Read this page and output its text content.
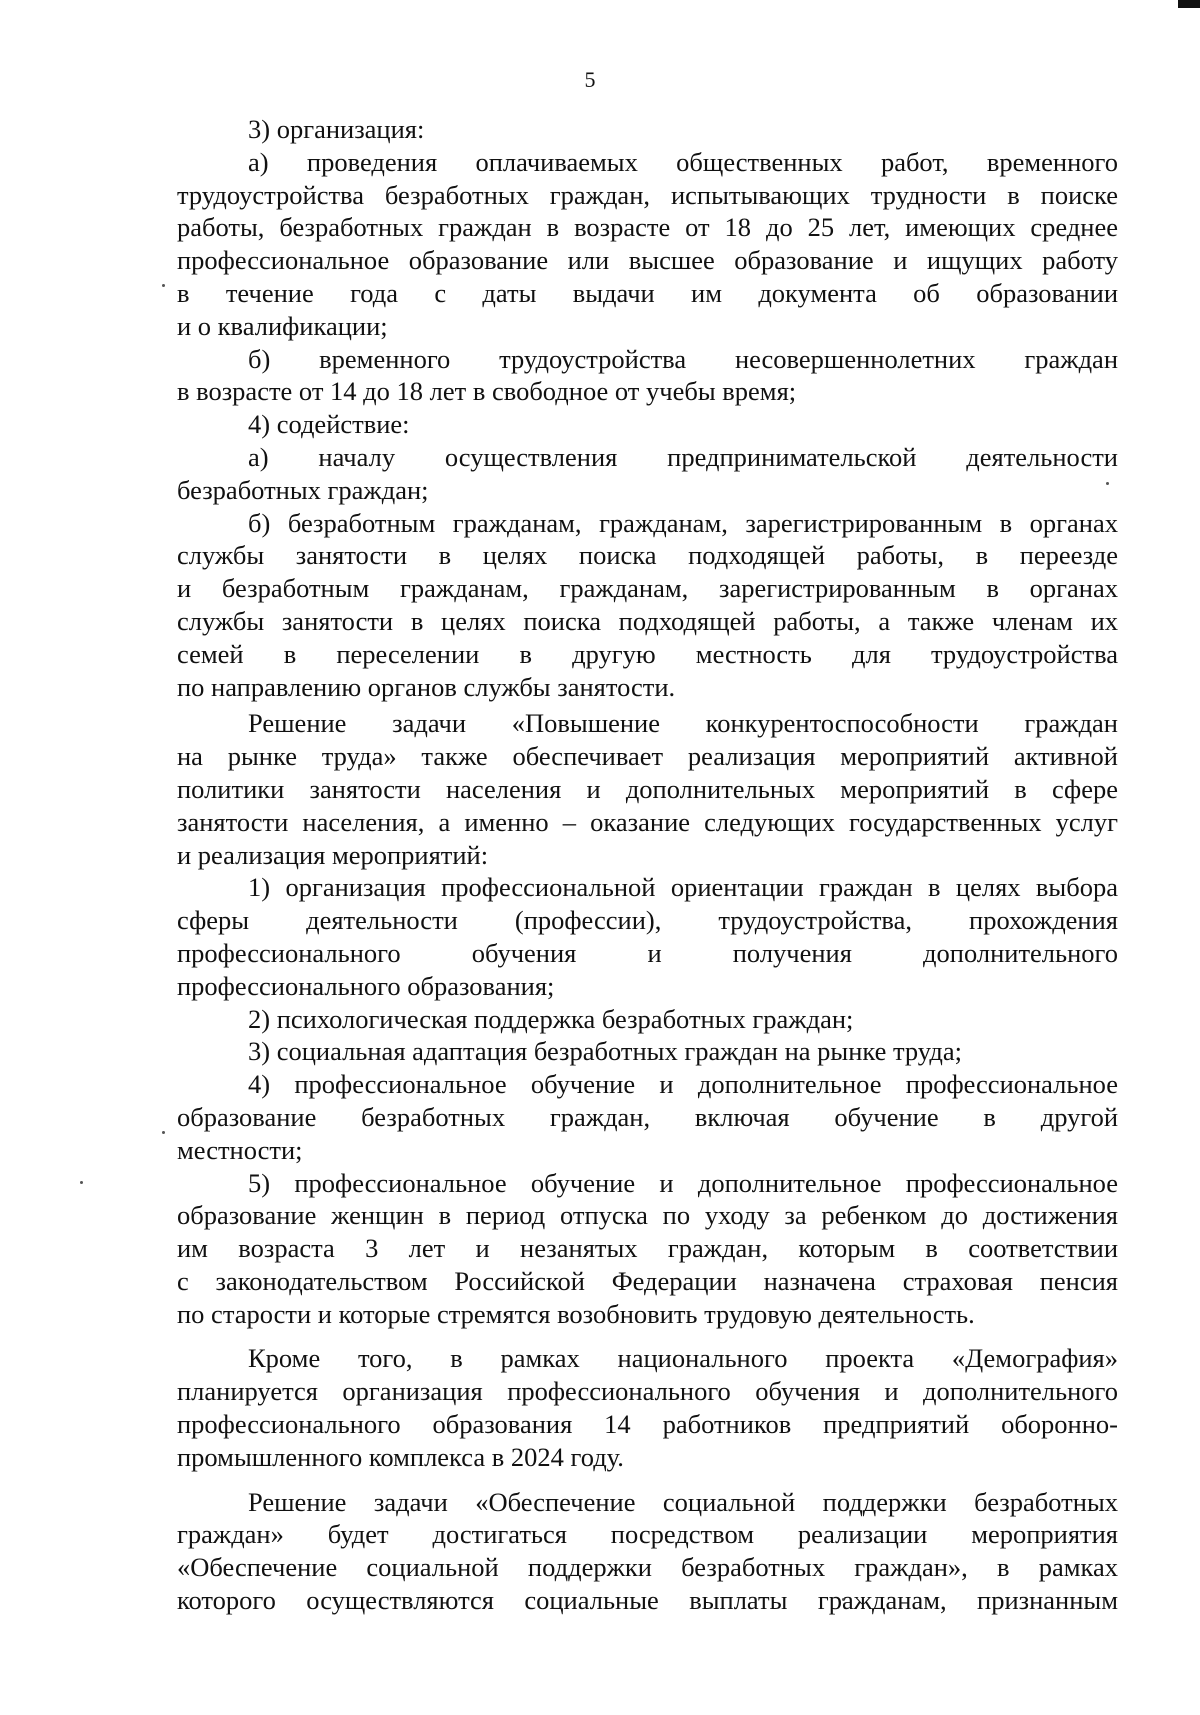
5
3) организация:
а) проведения оплачиваемых общественных работ, временного
трудоустройства безработных граждан, испытывающих трудности в поиске
работы, безработных граждан в возрасте от 18 до 25 лет, имеющих среднее
профессиональное образование или высшее образование и ищущих работу
в течение года с даты выдачи им документа об образовании
и о квалификации;
б) временного трудоустройства несовершеннолетних граждан
в возрасте от 14 до 18 лет в свободное от учебы время;
4) содействие:
а) началу осуществления предпринимательской деятельности
безработных граждан;
б) безработным гражданам, гражданам, зарегистрированным в органах
службы занятости в целях поиска подходящей работы, в переезде
и безработным гражданам, гражданам, зарегистрированным в органах
службы занятости в целях поиска подходящей работы, а также членам их
семей в переселении в другую местность для трудоустройства
по направлению органов службы занятости.
Решение задачи «Повышение конкурентоспособности граждан
на рынке труда» также обеспечивает реализация мероприятий активной
политики занятости населения и дополнительных мероприятий в сфере
занятости населения, а именно – оказание следующих государственных услуг
и реализация мероприятий:
1) организация профессиональной ориентации граждан в целях выбора
сферы деятельности (профессии), трудоустройства, прохождения
профессионального обучения и получения дополнительного
профессионального образования;
2) психологическая поддержка безработных граждан;
3) социальная адаптация безработных граждан на рынке труда;
4) профессиональное обучение и дополнительное профессиональное
образование безработных граждан, включая обучение в другой
местности;
5) профессиональное обучение и дополнительное профессиональное
образование женщин в период отпуска по уходу за ребенком до достижения
им возраста 3 лет и незанятых граждан, которым в соответствии
с законодательством Российской Федерации назначена страховая пенсия
по старости и которые стремятся возобновить трудовую деятельность.
Кроме того, в рамках национального проекта «Демография»
планируется организация профессионального обучения и дополнительного
профессионального образования 14 работников предприятий оборонно-
промышленного комплекса в 2024 году.
Решение задачи «Обеспечение социальной поддержки безработных
граждан» будет достигаться посредством реализации мероприятия
«Обеспечение социальной поддержки безработных граждан», в рамках
которого осуществляются социальные выплаты гражданам, признанным
